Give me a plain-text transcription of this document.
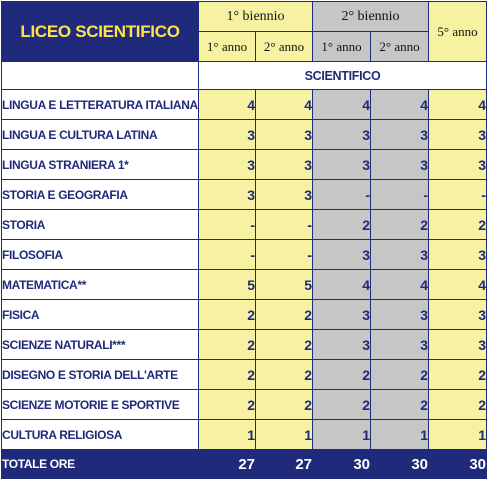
LICEO SCIENTIFICO	1° biennio		2° biennio		5° anno
	1° anno	2° anno	1° anno	2° anno	
	SCIENTIFICO				
LINGUA E LETTERATURA ITALIANA	4	4	4	4	4
LINGUA E CULTURA LATINA	3	3	3	3	3
LINGUA STRANIERA 1*	3	3	3	3	3
STORIA E GEOGRAFIA	3	3	-	-	-
STORIA	-	-	2	2	2
FILOSOFIA	-	-	3	3	3
MATEMATICA**	5	5	4	4	4
FISICA	2	2	3	3	3
SCIENZE NATURALI***	2	2	3	3	3
DISEGNO E STORIA DELL'ARTE	2	2	2	2	2
SCIENZE MOTORIE E SPORTIVE	2	2	2	2	2
CULTURA RELIGIOSA	1	1	1	1	1
TOTALE ORE	27	27	30	30	30
